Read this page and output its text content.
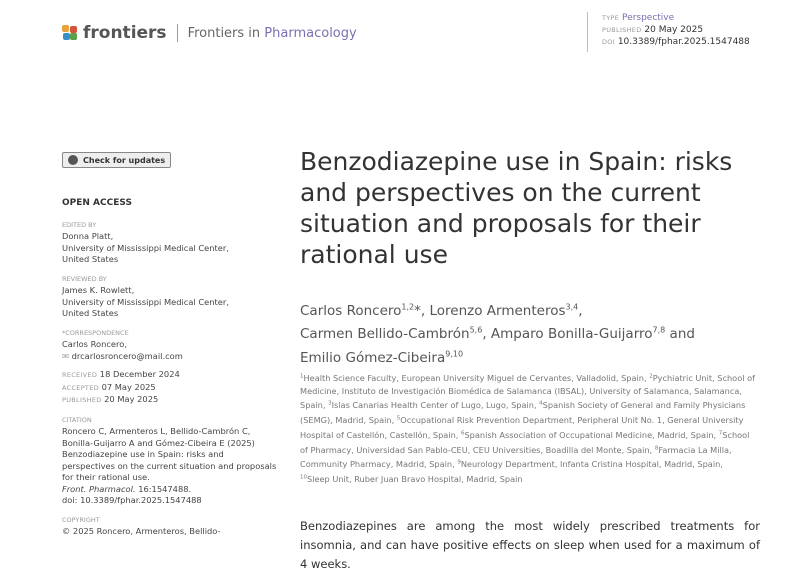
frontiers Frontiers in Pharmacology
TYPE Perspective
PUBLISHED 20 May 2025
DOI 10.3389/fphar.2025.1547488
Check for updates
OPEN ACCESS
EDITED BY
Donna Platt,
University of Mississippi Medical Center,
United States
REVIEWED BY
James K. Rowlett,
University of Mississippi Medical Center,
United States
*CORRESPONDENCE
Carlos Roncero,
✉ drcarlosroncero@mail.com
RECEIVED 18 December 2024
ACCEPTED 07 May 2025
PUBLISHED 20 May 2025
CITATION
Roncero C, Armenteros L, Bellido-Cambrón C, Bonilla-Guijarro A and Gómez-Cibeira E (2025) Benzodiazepine use in Spain: risks and perspectives on the current situation and proposals for their rational use.
Front. Pharmacol. 16:1547488.
doi: 10.3389/fphar.2025.1547488
COPYRIGHT
© 2025 Roncero, Armenteros, Bellido-
Benzodiazepine use in Spain: risks and perspectives on the current situation and proposals for their rational use
Carlos Roncero$^{1,2}$*, Lorenzo Armenteros$^{3,4}$,
Carmen Bellido-Cambrón$^{5,6}$, Amparo Bonilla-Guijarro$^{7,8}$ and
Emilio Gómez-Cibeira$^{9,10}$
$^1$Health Science Faculty, European University Miguel de Cervantes, Valladolid, Spain, $^2$Pychiatric Unit, School of Medicine, Instituto de Investigación Biomédica de Salamanca (IBSAL), University of Salamanca, Salamanca, Spain, $^3$Islas Canarias Health Center of Lugo, Lugo, Spain, $^4$Spanish Society of General and Family Physicians (SEMG), Madrid, Spain, $^5$Occupational Risk Prevention Department, Peripheral Unit No. 1, General University Hospital of Castellón, Castellón, Spain, $^6$Spanish Association of Occupational Medicine, Madrid, Spain, $^7$School of Pharmacy, Universidad San Pablo-CEU, CEU Universities, Boadilla del Monte, Spain, $^8$Farmacia La Milla, Community Pharmacy, Madrid, Spain, $^9$Neurology Department, Infanta Cristina Hospital, Madrid, Spain, $^{10}$Sleep Unit, Ruber Juan Bravo Hospital, Madrid, Spain

Benzodiazepines are among the most widely prescribed treatments for insomnia, and can have positive effects on sleep when used for a maximum of 4 weeks.
